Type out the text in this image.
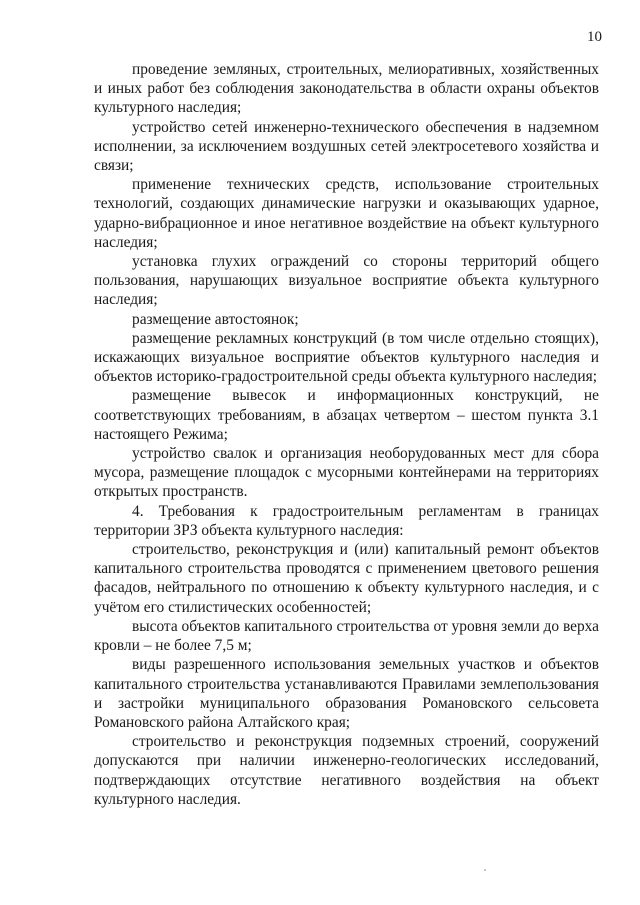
10

проведение земляных, строительных, мелиоративных, хозяйственных и иных работ без соблюдения законодательства в области охраны объектов культурного наследия;

устройство сетей инженерно-технического обеспечения в надземном исполнении, за исключением воздушных сетей электросетевого хозяйства и связи;

применение технических средств, использование строительных технологий, создающих динамические нагрузки и оказывающих ударное, ударно-вибрационное и иное негативное воздействие на объект культурного наследия;

установка глухих ограждений со стороны территорий общего пользования, нарушающих визуальное восприятие объекта культурного наследия;

размещение автостоянок;

размещение рекламных конструкций (в том числе отдельно стоящих), искажающих визуальное восприятие объектов культурного наследия и объектов историко-градостроительной среды объекта культурного наследия;

размещение вывесок и информационных конструкций, не соответствующих требованиям, в абзацах четвертом – шестом пункта 3.1 настоящего Режима;

устройство свалок и организация необорудованных мест для сбора мусора, размещение площадок с мусорными контейнерами на территориях открытых пространств.

4. Требования к градостроительным регламентам в границах территории ЗРЗ объекта культурного наследия:

строительство, реконструкция и (или) капитальный ремонт объектов капитального строительства проводятся с применением цветового решения фасадов, нейтрального по отношению к объекту культурного наследия, и с учётом его стилистических особенностей;

высота объектов капитального строительства от уровня земли до верха кровли – не более 7,5 м;

виды разрешенного использования земельных участков и объектов капитального строительства устанавливаются Правилами землепользования и застройки муниципального образования Романовского сельсовета Романовского района Алтайского края;

строительство и реконструкция подземных строений, сооружений допускаются при наличии инженерно-геологических исследований, подтверждающих отсутствие негативного воздействия на объект культурного наследия.
